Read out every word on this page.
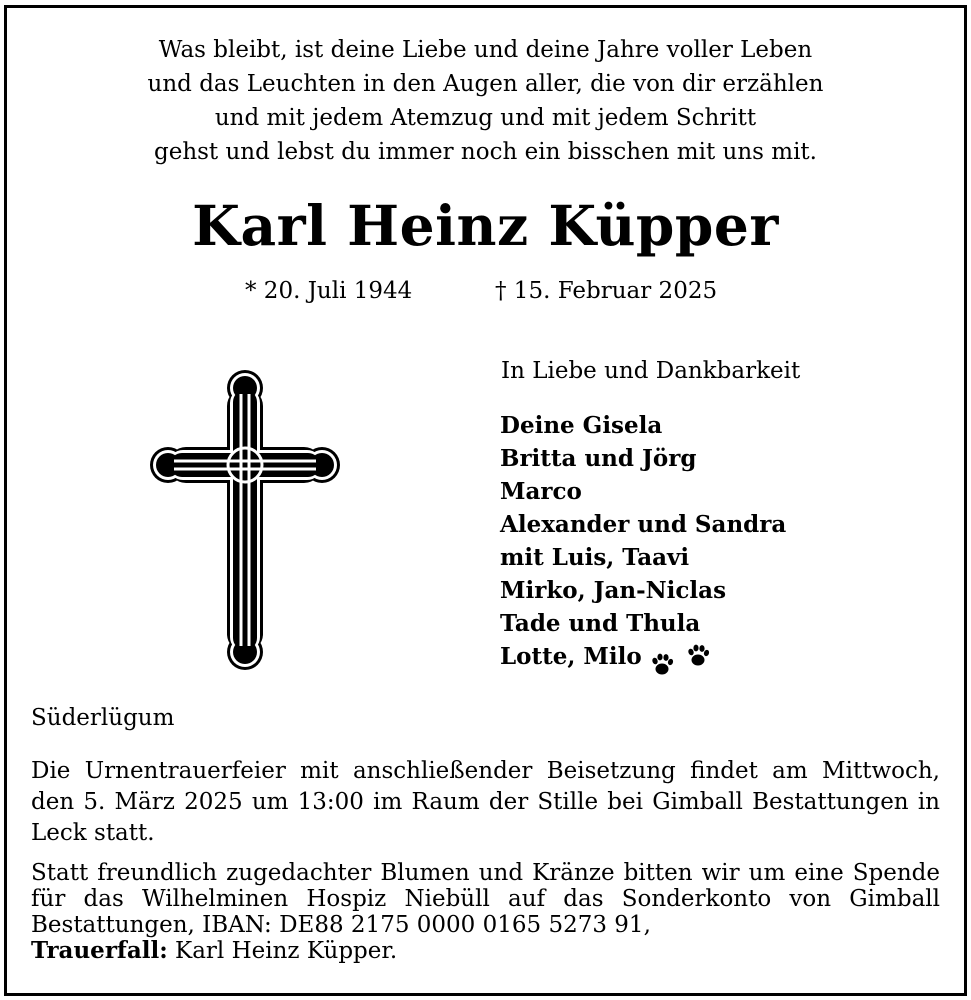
Was bleibt, ist deine Liebe und deine Jahre voller Leben
und das Leuchten in den Augen aller, die von dir erzählen
und mit jedem Atemzug und mit jedem Schritt
gehst und lebst du immer noch ein bisschen mit uns mit.
Karl Heinz Küpper
* 20. Juli 1944	† 15. Februar 2025
In Liebe und Dankbarkeit
Deine Gisela
Britta und Jörg
Marco
Alexander und Sandra
mit Luis, Taavi
Mirko, Jan-Niclas
Tade und Thula
Lotte, Milo
Süderlügum
Die Urnentrauerfeier mit anschließender Beisetzung findet am Mittwoch, den 5. März 2025 um 13:00 im Raum der Stille bei Gimball Bestattungen in Leck statt.
Statt freundlich zugedachter Blumen und Kränze bitten wir um eine Spende für das Wilhelminen Hospiz Niebüll auf das Sonderkonto von Gimball Bestattungen, IBAN: DE88 2175 0000 0165 5273 91,
Trauerfall: Karl Heinz Küpper.
